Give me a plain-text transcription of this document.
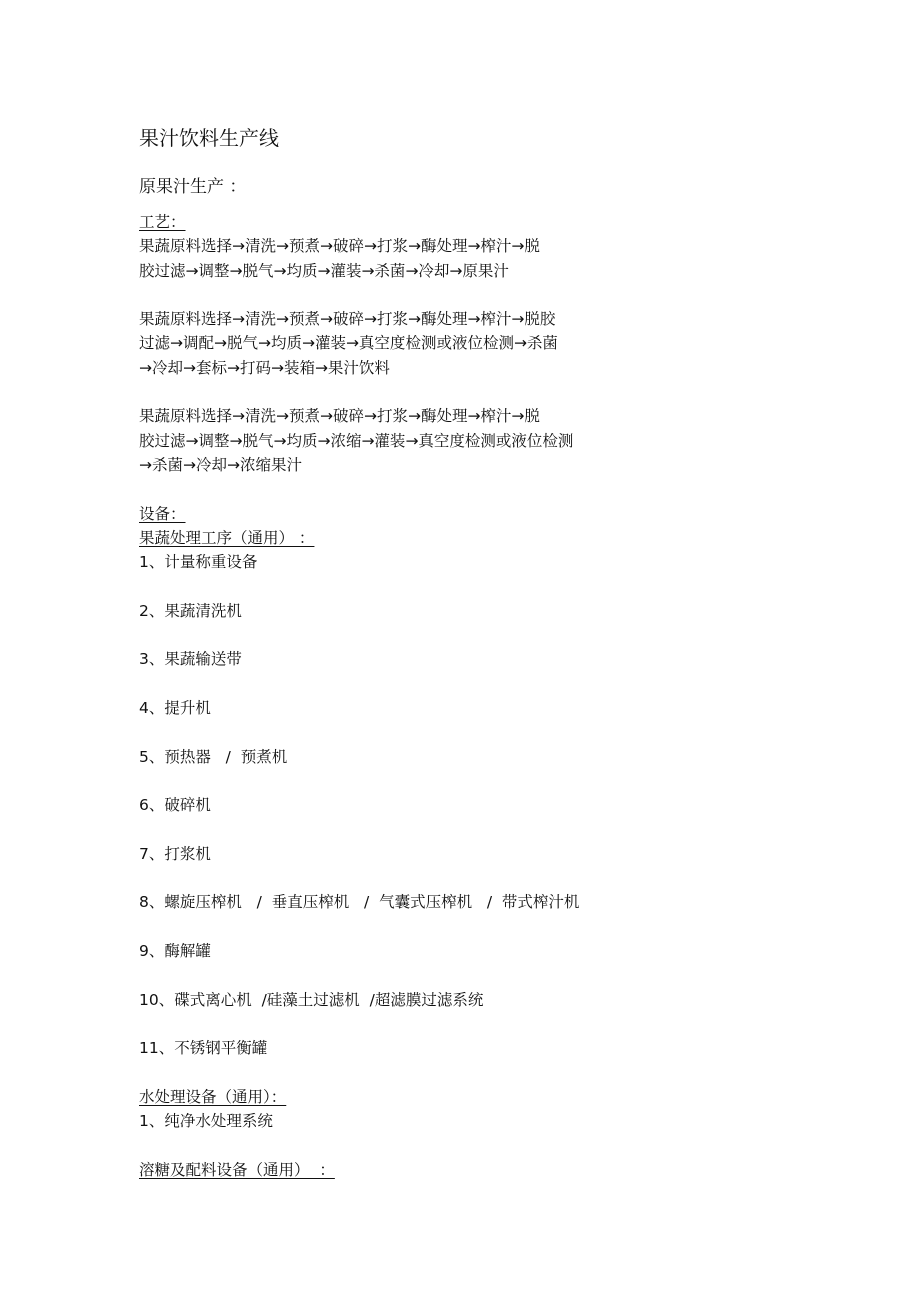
果汁饮料生产线
原果汁生产 ：
工艺：
果蔬原料选择→清洗→预煮→破碎→打浆→酶处理→榨汁→脱
胶过滤→调整→脱气→均质→灌装→杀菌→冷却→原果汁
果蔬原料选择→清洗→预煮→破碎→打浆→酶处理→榨汁→脱胶
过滤→调配→脱气→均质→灌装→真空度检测或液位检测→杀菌
→冷却→套标→打码→装箱→果汁饮料
果蔬原料选择→清洗→预煮→破碎→打浆→酶处理→榨汁→脱
胶过滤→调整→脱气→均质→浓缩→灌装→真空度检测或液位检测
→杀菌→冷却→浓缩果汁
设备：
果蔬处理工序（通用） ：
1、计量称重设备
2、果蔬清洗机
3、果蔬输送带
4、提升机
5、预热器   /  预煮机
6、破碎机
7、打浆机
8、螺旋压榨机   /  垂直压榨机   /  气囊式压榨机   /  带式榨汁机
9、酶解罐
10、碟式离心机  /硅藻土过滤机  /超滤膜过滤系统
11、不锈钢平衡罐
水处理设备（通用）：
1、纯净水处理系统
溶糖及配料设备（通用）  ：
